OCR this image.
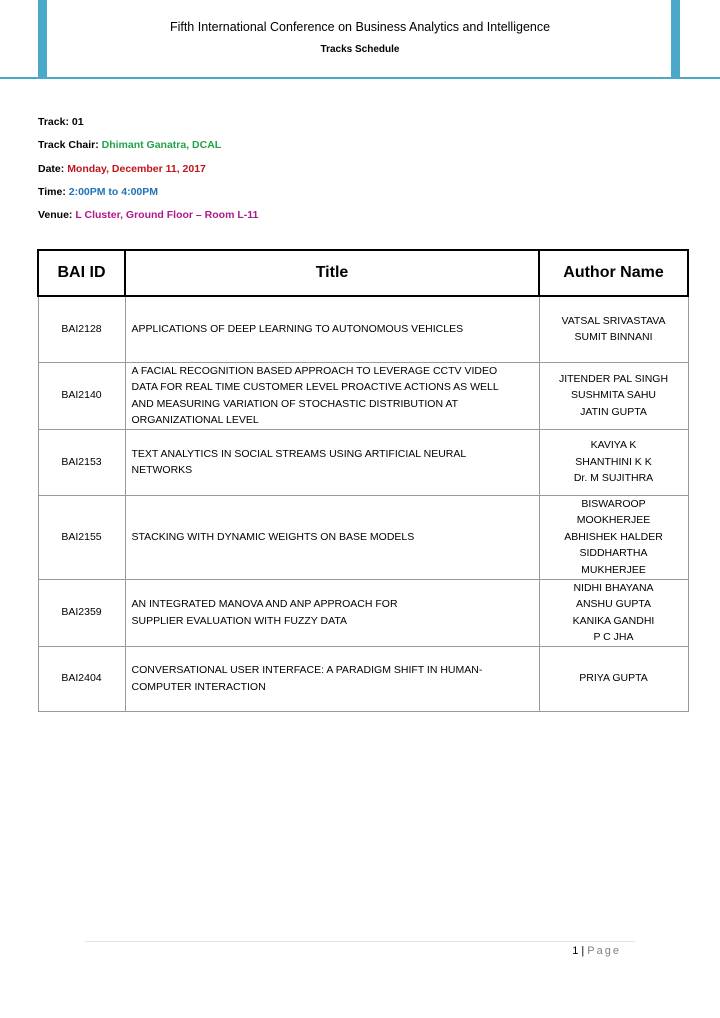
Fifth International Conference on Business Analytics and Intelligence
Tracks Schedule
Track: 01
Track Chair: Dhimant Ganatra, DCAL
Date: Monday, December 11, 2017
Time: 2:00PM to 4:00PM
Venue: L Cluster, Ground Floor – Room L-11
BAI ID	Title	Author Name
BAI2128	APPLICATIONS OF DEEP LEARNING TO AUTONOMOUS VEHICLES	VATSAL SRIVASTAVA
SUMIT BINNANI

BAI2140	A FACIAL RECOGNITION BASED APPROACH TO LEVERAGE CCTV VIDEO
DATA FOR REAL TIME CUSTOMER LEVEL PROACTIVE ACTIONS AS WELL
AND MEASURING VARIATION OF STOCHASTIC DISTRIBUTION AT
ORGANIZATIONAL LEVEL	JITENDER PAL SINGH
SUSHMITA SAHU
JATIN GUPTA

BAI2153	TEXT ANALYTICS IN SOCIAL STREAMS USING ARTIFICIAL NEURAL
NETWORKS	KAVIYA K
SHANTHINI K K
Dr. M SUJITHRA

BAI2155	STACKING WITH DYNAMIC WEIGHTS ON BASE MODELS	BISWAROOP
MOOKHERJEE
ABHISHEK HALDER
SIDDHARTHA
MUKHERJEE

BAI2359	AN INTEGRATED MANOVA AND ANP APPROACH FOR
SUPPLIER EVALUATION WITH FUZZY DATA	NIDHI BHAYANA
ANSHU GUPTA
KANIKA GANDHI
P C JHA

BAI2404	CONVERSATIONAL USER INTERFACE: A PARADIGM SHIFT IN HUMAN-
COMPUTER INTERACTION	PRIYA GUPTA
1 | Page
